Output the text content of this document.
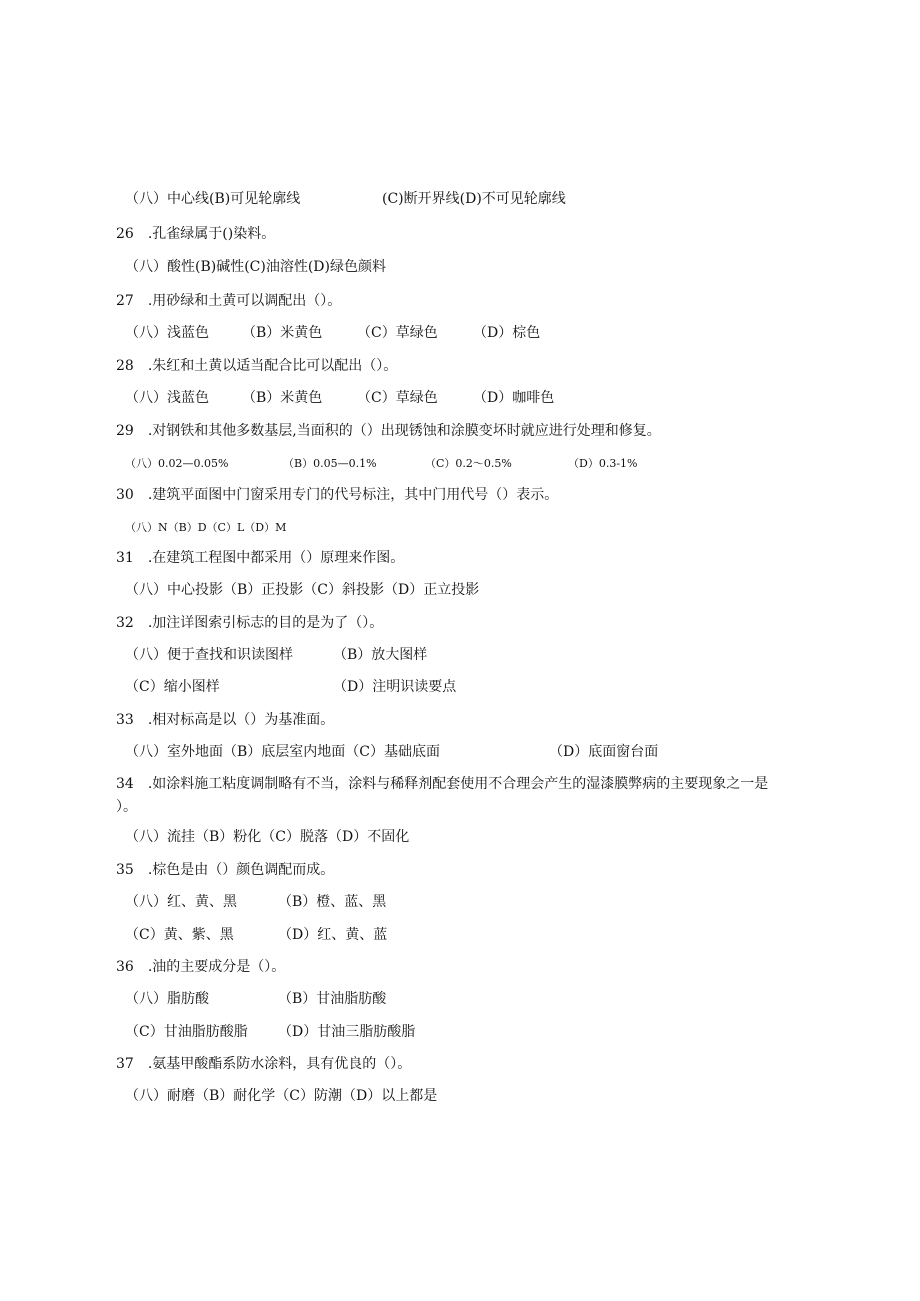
（八）中心线(B)可见轮廓线	(C)断开界线(D)不可见轮廓线
26　.孔雀绿属于()染料。
（八）酸性(B)碱性(C)油溶性(D)绿色颜料
27　.用砂绿和土黄可以调配出（）。
（八）浅蓝色 （B）米黄色 （C）草绿色	（D）棕色
28　.朱红和土黄以适当配合比可以配出（）。
（八）浅蓝色 （B）米黄色 （C）草绿色	（D）咖啡色
29　.对钢铁和其他多数基层,当面积的（）出现锈蚀和涂膜变坏时就应进行处理和修复。
（八）0.02—0.05%	（B）0.05—0.1%	（C）0.2～0.5%	（D）0.3-1%
30　.建筑平面图中门窗采用专门的代号标注，其中门用代号（）表示。
（八）N（B）D（C）L（D）M
31　.在建筑工程图中都采用（）原理来作图。
（八）中心投影（B）正投影（C）斜投影（D）正立投影
32　.加注详图索引标志的目的是为了（）。
（八）便于查找和识读图样	（B）放大图样
（C）缩小图样	（D）注明识读要点
33　.相对标高是以（）为基准面。
（八）室外地面（B）底层室内地面（C）基础底面	（D）底面窗台面
34　.如涂料施工粘度调制略有不当，涂料与稀释剂配套使用不合理会产生的湿漆膜弊病的主要现象之一是
）。
（八）流挂（B）粉化（C）脱落（D）不固化
35　.棕色是由（）颜色调配而成。
（八）红、黄、黑	（B）橙、蓝、黑
（C）黄、紫、黑	（D）红、黄、蓝
36　.油的主要成分是（）。
（八）脂肪酸	（B）甘油脂肪酸
（C）甘油脂肪酸脂 （D）甘油三脂肪酸脂
37　.氨基甲酸酯系防水涂料，具有优良的（）。
（八）耐磨（B）耐化学（C）防潮（D）以上都是
